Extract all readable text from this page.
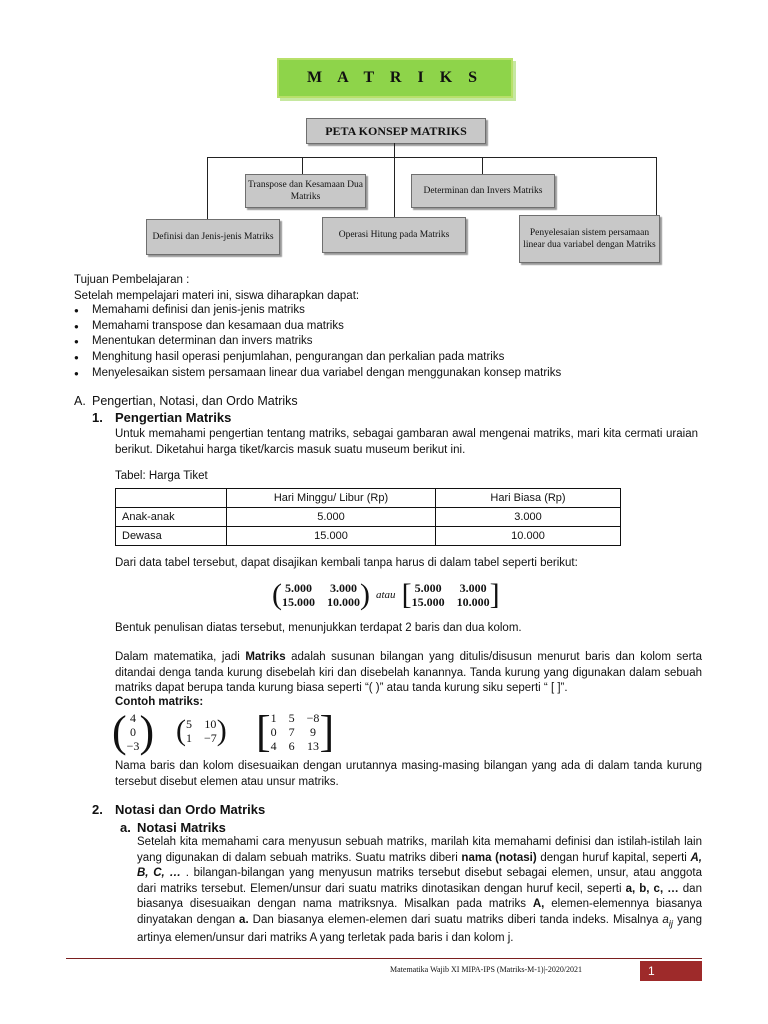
M A T R I K S
PETA KONSEP MATRIKS
Transpose dan Kesamaan Dua Matriks
Determinan dan Invers Matriks
Definisi dan Jenis-jenis Matriks	Operasi Hitung pada Matriks	Penyelesaian sistem persamaan linear dua variabel dengan Matriks
Tujuan Pembelajaran :
Setelah mempelajari materi ini, siswa diharapkan dapat:
● Memahami definisi dan jenis-jenis matriks
● Memahami transpose dan kesamaan dua matriks
● Menentukan determinan dan invers matriks
● Menghitung hasil operasi penjumlahan, pengurangan dan perkalian pada matriks
● Menyelesaikan sistem persamaan linear dua variabel dengan menggunakan konsep matriks
A. Pengertian, Notasi, dan Ordo Matriks
1. Pengertian Matriks
Untuk memahami pengertian tentang matriks, sebagai gambaran awal mengenai matriks, mari kita cermati uraian berikut. Diketahui harga tiket/karcis masuk suatu museum berikut ini.
Tabel: Harga Tiket
	Hari Minggu/ Libur (Rp)	Hari Biasa (Rp)
Anak-anak	5.000	3.000
Dewasa	15.000	10.000
Dari data tabel tersebut, dapat disajikan kembali tanpa harus di dalam tabel seperti berikut:
( 5.000 3.000
15.000 10.000 ) atau [ 5.000 3.000
15.000 10.000 ]
Bentuk penulisan diatas tersebut, menunjukkan terdapat 2 baris dan dua kolom.
Dalam matematika, jadi Matriks adalah susunan bilangan yang ditulis/disusun menurut baris dan kolom serta ditandai denga tanda kurung disebelah kiri dan disebelah kanannya. Tanda kurung yang digunakan dalam sebuah matriks dapat berupa tanda kurung biasa seperti “( )” atau tanda kurung siku seperti “ [ ]”.
Contoh matriks:
( 4
0
−3 ) ( 5 10
1 −7 ) [ 1 5 −8
0 7 9
4 6 13 ]
Nama baris dan kolom disesuaikan dengan urutannya masing-masing bilangan yang ada di dalam tanda kurung tersebut disebut elemen atau unsur matriks.
2. Notasi dan Ordo Matriks
a. Notasi Matriks
Setelah kita memahami cara menyusun sebuah matriks, marilah kita memahami definisi dan istilah-istilah lain yang digunakan di dalam sebuah matriks. Suatu matriks diberi nama (notasi) dengan huruf kapital, seperti A, B, C, … . bilangan-bilangan yang menyusun matriks tersebut disebut sebagai elemen, unsur, atau anggota dari matriks tersebut. Elemen/unsur dari suatu matriks dinotasikan dengan huruf kecil, seperti a, b, c, … dan biasanya disesuaikan dengan nama matriksnya. Misalkan pada matriks A, elemen-elemennya biasanya dinyatakan dengan a. Dan biasanya elemen-elemen dari suatu matriks diberi tanda indeks. Misalnya $a_{ij}$ yang artinya elemen/unsur dari matriks A yang terletak pada baris i dan kolom j.
Matematika Wajib XI MIPA-IPS (Matriks-M-1)|-2020/2021	1
